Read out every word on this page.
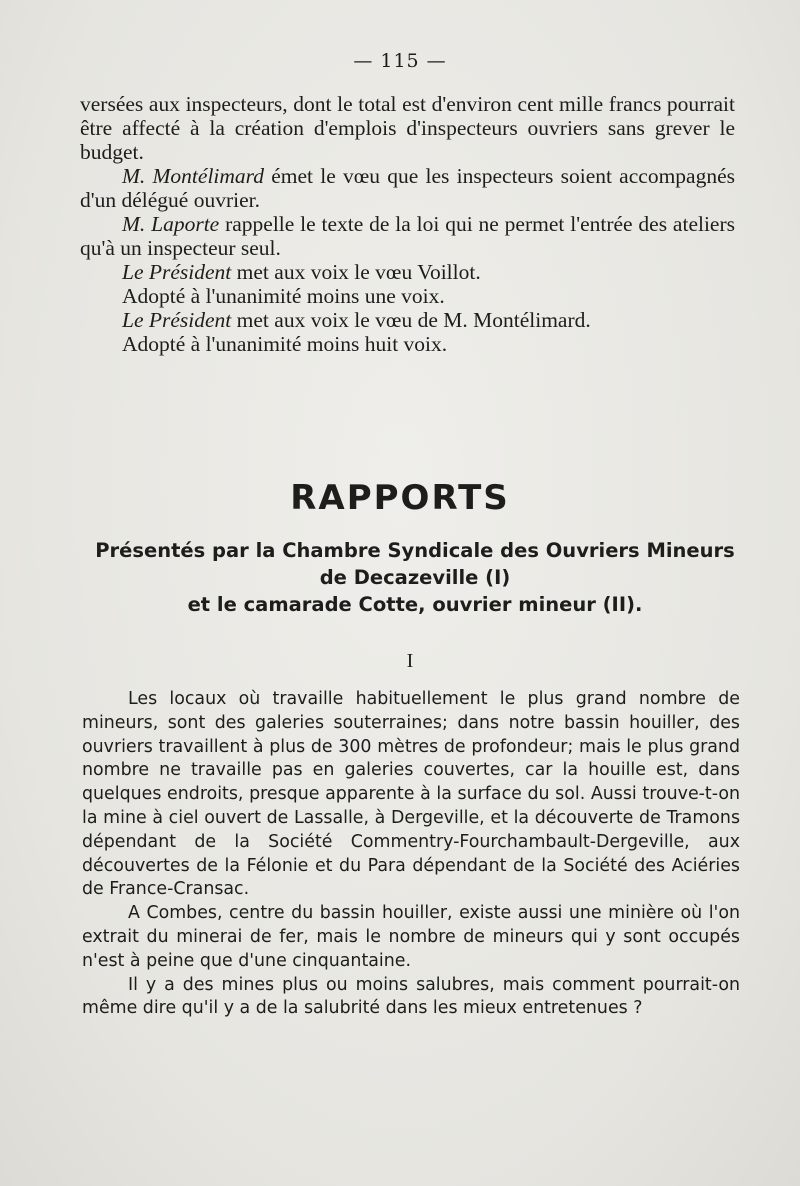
— 115 —

versées aux inspecteurs, dont le total est d'environ cent mille francs pourrait être affecté à la création d'emplois d'inspecteurs ouvriers sans grever le budget.

M. Montélimard émet le vœu que les inspecteurs soient accompagnés d'un délégué ouvrier.

M. Laporte rappelle le texte de la loi qui ne permet l'entrée des ateliers qu'à un inspecteur seul.

Le Président met aux voix le vœu Voillot.

Adopté à l'unanimité moins une voix.

Le Président met aux voix le vœu de M. Montélimard.

Adopté à l'unanimité moins huit voix.

RAPPORTS
Présentés par la Chambre Syndicale des Ouvriers Mineurs
de Decazeville (I)
et le camarade Cotte, ouvrier mineur (II).
I

Les locaux où travaille habituellement le plus grand nombre de mineurs, sont des galeries souterraines; dans notre bassin houiller, des ouvriers travaillent à plus de 300 mètres de profondeur; mais le plus grand nombre ne travaille pas en galeries couvertes, car la houille est, dans quelques endroits, presque apparente à la surface du sol. Aussi trouve-t-on la mine à ciel ouvert de Lassalle, à Dergeville, et la découverte de Tramons dépendant de la Société Commentry-Fourchambault-Dergeville, aux découvertes de la Félonie et du Para dépendant de la Société des Aciéries de France-Cransac.

A Combes, centre du bassin houiller, existe aussi une minière où l'on extrait du minerai de fer, mais le nombre de mineurs qui y sont occupés n'est à peine que d'une cinquantaine.

Il y a des mines plus ou moins salubres, mais comment pourrait-on même dire qu'il y a de la salubrité dans les mieux entretenues ?
